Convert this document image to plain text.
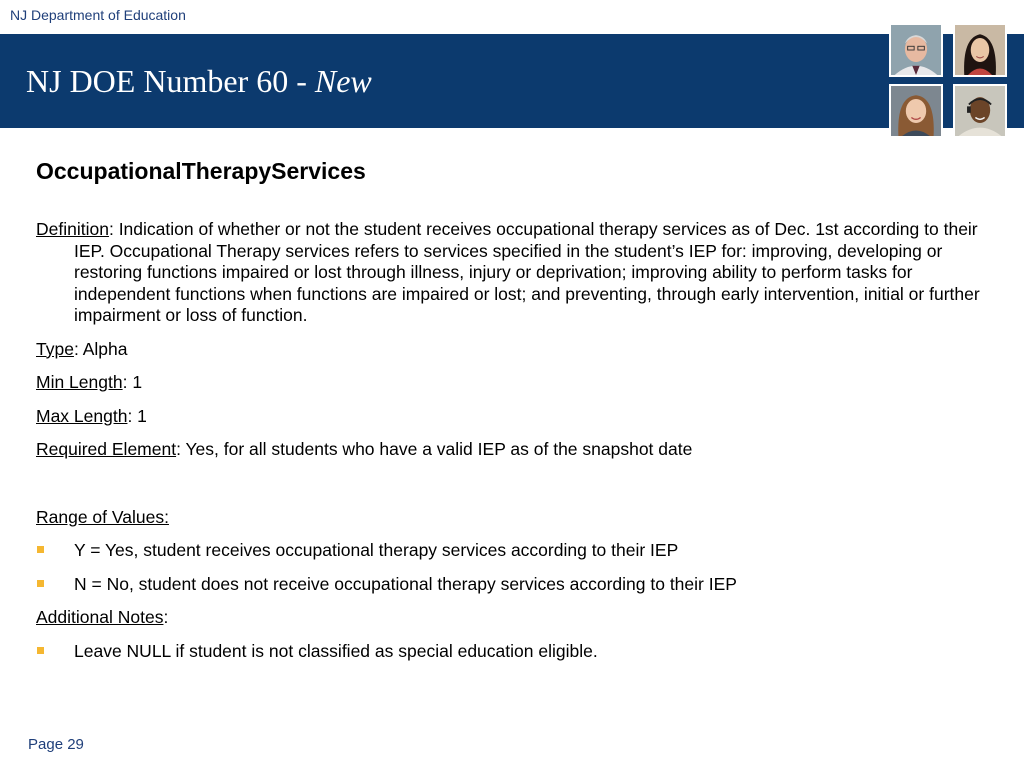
NJ Department of Education
NJ DOE Number 60 - New
OccupationalTherapyServices
Definition: Indication of whether or not the student receives occupational therapy services as of Dec. 1st according to their IEP. Occupational Therapy services refers to services specified in the student’s IEP for: improving, developing or restoring functions impaired or lost through illness, injury or deprivation; improving ability to perform tasks for independent functions when functions are impaired or lost; and preventing, through early intervention, initial or further impairment or loss of function.
Type: Alpha
Min Length: 1
Max Length: 1
Required Element: Yes, for all students who have a valid IEP as of the snapshot date
Range of Values:
Y = Yes, student receives occupational therapy services according to their IEP
N = No, student does not receive occupational therapy services according to their IEP
Additional Notes:
Leave NULL if student is not classified as special education eligible.
Page 29
